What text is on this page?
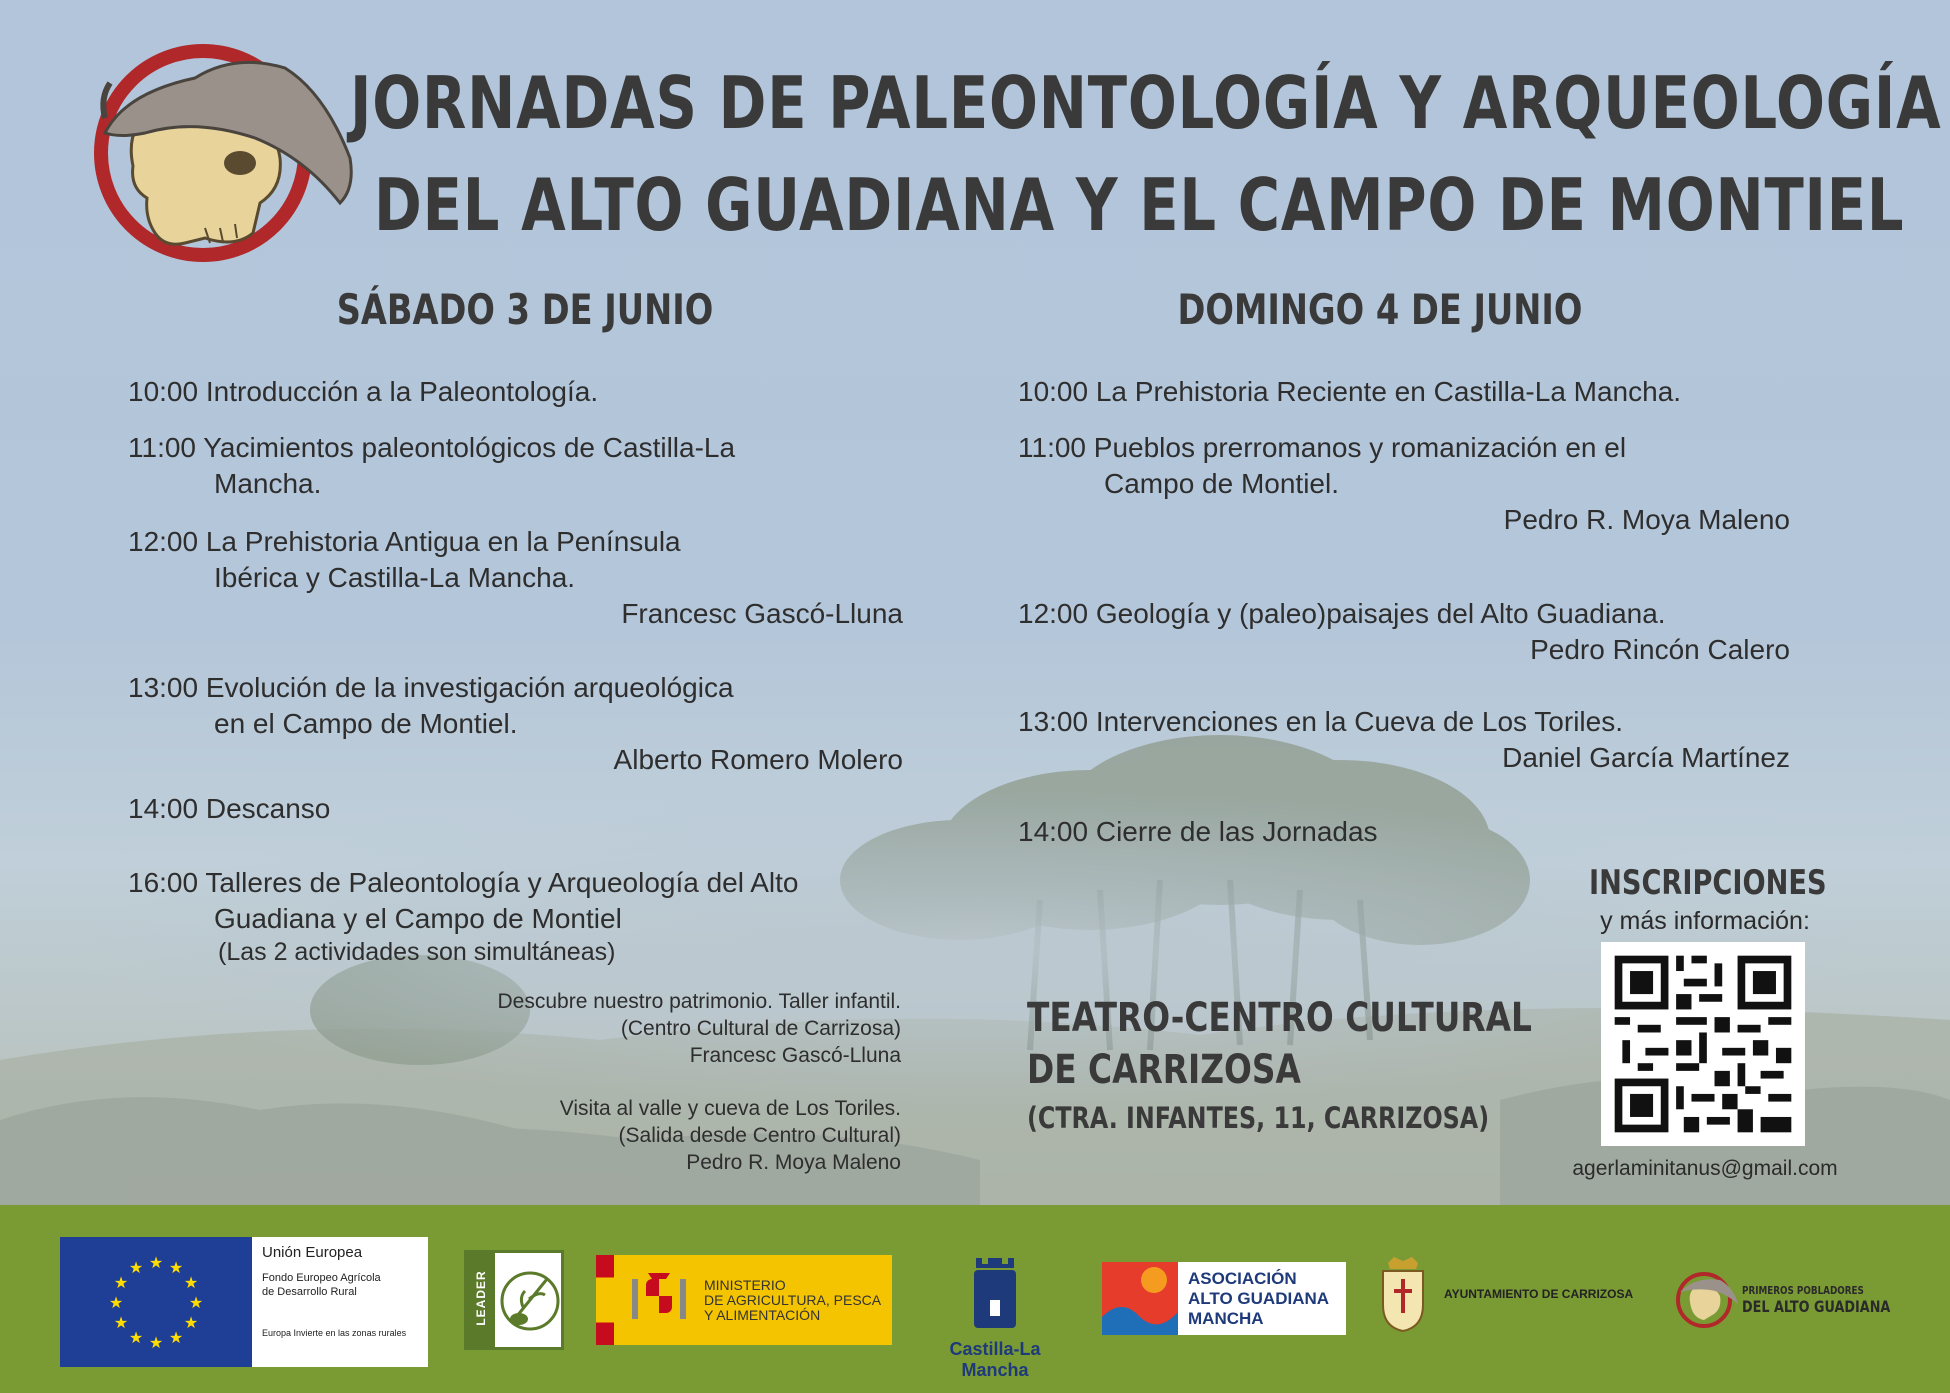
JORNADAS DE PALEONTOLOGÍA Y ARQUEOLOGÍA
DEL ALTO GUADIANA Y EL CAMPO DE MONTIEL
SÁBADO 3 DE JUNIO	DOMINGO 4 DE JUNIO
10:00 Introducción a la Paleontología.
11:00 Yacimientos paleontológicos de Castilla-La
Mancha.
12:00 La Prehistoria Antigua en la Península
Ibérica y Castilla-La Mancha.
Francesc Gascó-Lluna
13:00 Evolución de la investigación arqueológica
en el Campo de Montiel.
Alberto Romero Molero
14:00 Descanso
16:00 Talleres de Paleontología y Arqueología del Alto
Guadiana y el Campo de Montiel
(Las 2 actividades son simultáneas)
Descubre nuestro patrimonio. Taller infantil.
(Centro Cultural de Carrizosa)
Francesc Gascó-Lluna
Visita al valle y cueva de Los Toriles.
(Salida desde Centro Cultural)
Pedro R. Moya Maleno
10:00 La Prehistoria Reciente en Castilla-La Mancha.
11:00 Pueblos prerromanos y romanización en el
Campo de Montiel.
Pedro R. Moya Maleno
12:00 Geología y (paleo)paisajes del Alto Guadiana.
Pedro Rincón Calero
13:00 Intervenciones en la Cueva de Los Toriles.
Daniel García Martínez
14:00 Cierre de las Jornadas
TEATRO-CENTRO CULTURAL
DE CARRIZOSA
(CTRA. INFANTES, 11, CARRIZOSA)
INSCRIPCIONES
y más información:
agerlaminitanus@gmail.com
★ ★
★
★
★
★
★
★
★
★
★
★
Unión Europea
Fondo Europeo Agrícola
de Desarrollo Rural
Europa Invierte en las zonas rurales
LEADER	MINISTERIO
DE AGRICULTURA, PESCA
Y ALIMENTACIÓN
Castilla-La Mancha
ASOCIACIÓN
ALTO GUADIANA
MANCHA
AYUNTAMIENTO DE CARRIZOSA	PRIMEROS POBLADORES
DEL ALTO GUADIANA
